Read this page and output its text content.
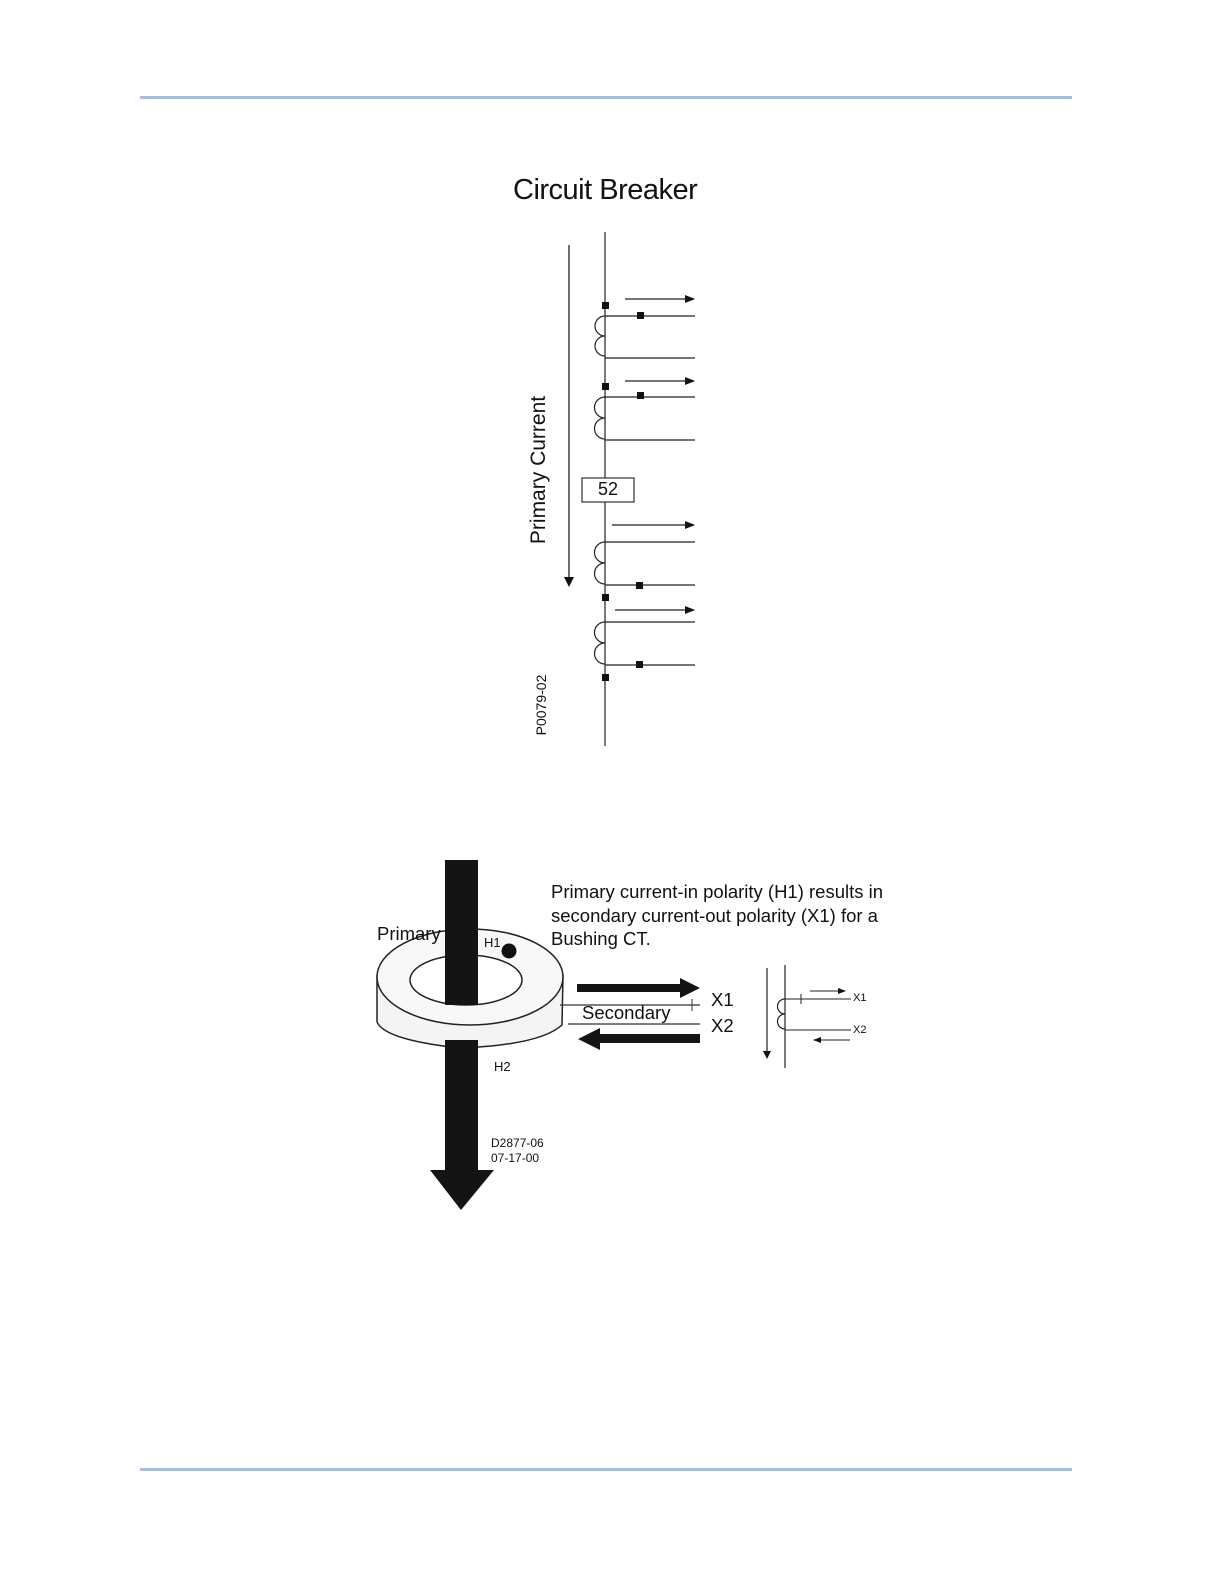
Circuit Breaker
Primary Current	52
P0079-02
Primary current-in polarity (H1) results in
secondary current-out polarity (X1) for a
Bushing CT.
Primary	H1
H2
Secondary
X1
X2
X1
X2
D2877-06
07-17-00
